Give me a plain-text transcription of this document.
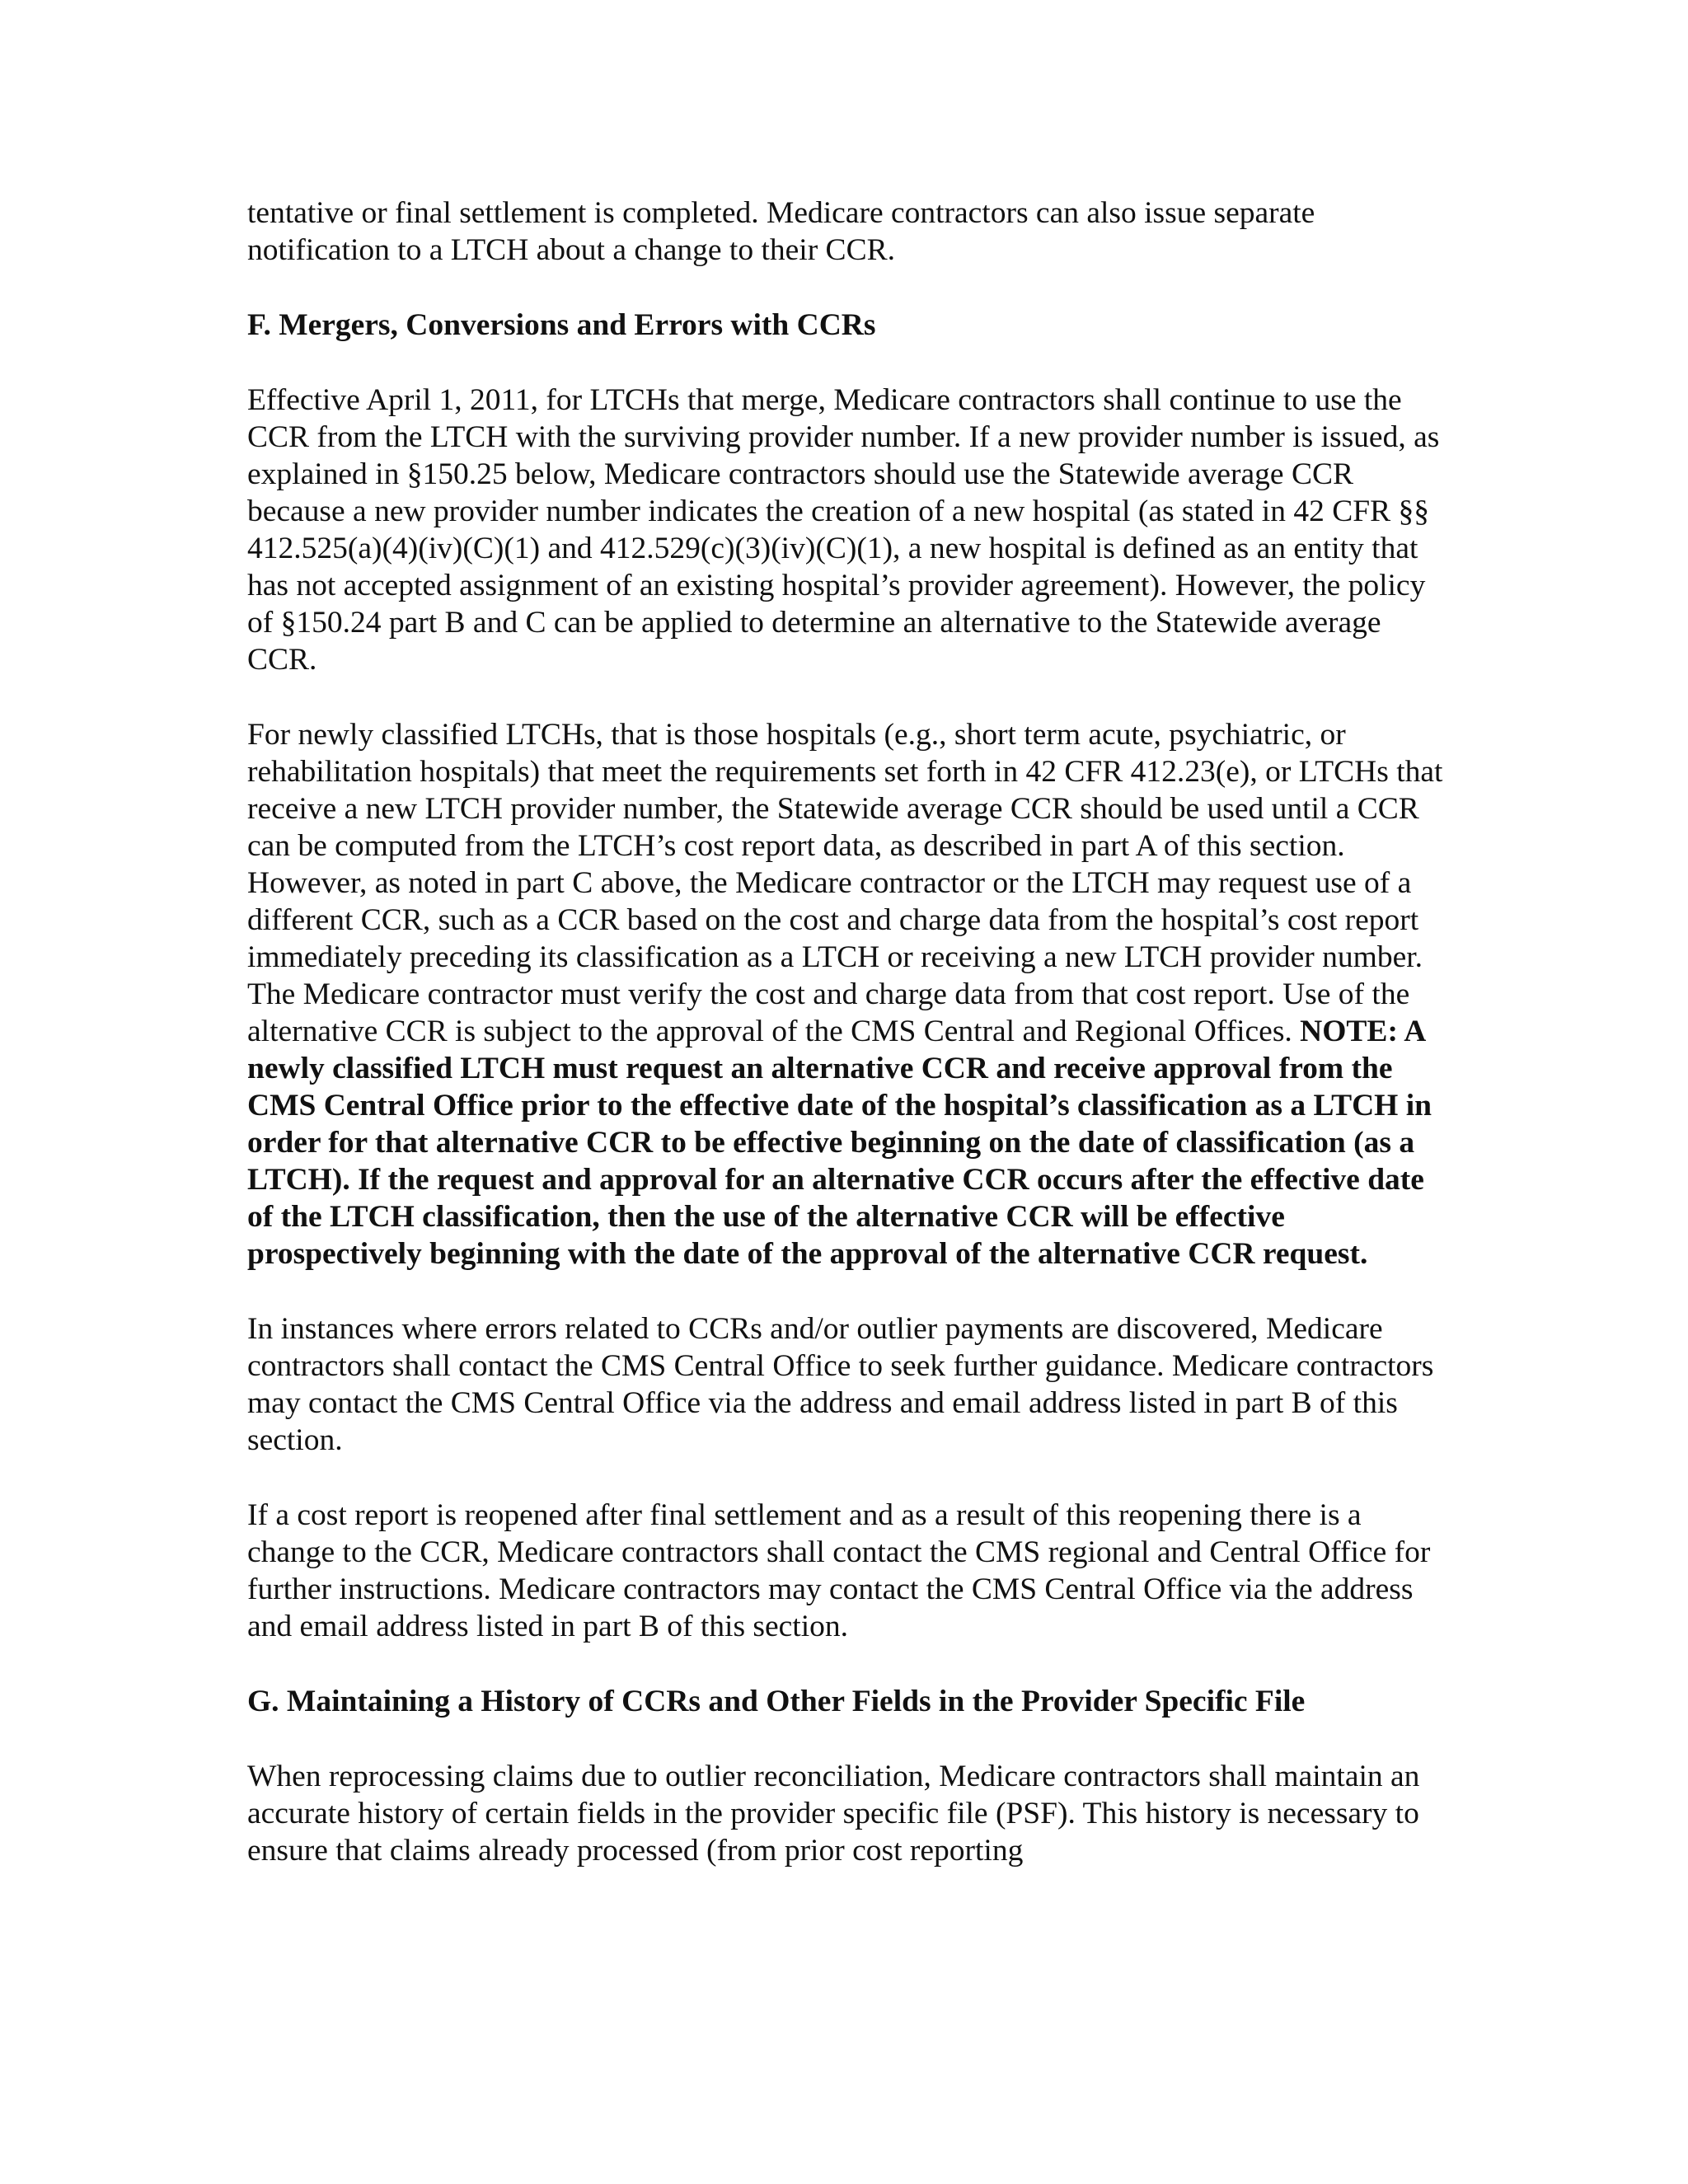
tentative or final settlement is completed. Medicare contractors can also issue separate notification to a LTCH about a change to their CCR.

F. Mergers, Conversions and Errors with CCRs

Effective April 1, 2011, for LTCHs that merge, Medicare contractors shall continue to use the CCR from the LTCH with the surviving provider number. If a new provider number is issued, as explained in §150.25 below, Medicare contractors should use the Statewide average CCR because a new provider number indicates the creation of a new hospital (as stated in 42 CFR §§ 412.525(a)(4)(iv)(C)(1) and 412.529(c)(3)(iv)(C)(1), a new hospital is defined as an entity that has not accepted assignment of an existing hospital’s provider agreement). However, the policy of §150.24 part B and C can be applied to determine an alternative to the Statewide average CCR.

For newly classified LTCHs, that is those hospitals (e.g., short term acute, psychiatric, or rehabilitation hospitals) that meet the requirements set forth in 42 CFR 412.23(e), or LTCHs that receive a new LTCH provider number, the Statewide average CCR should be used until a CCR can be computed from the LTCH’s cost report data, as described in part A of this section. However, as noted in part C above, the Medicare contractor or the LTCH may request use of a different CCR, such as a CCR based on the cost and charge data from the hospital’s cost report immediately preceding its classification as a LTCH or receiving a new LTCH provider number. The Medicare contractor must verify the cost and charge data from that cost report. Use of the alternative CCR is subject to the approval of the CMS Central and Regional Offices. NOTE: A newly classified LTCH must request an alternative CCR and receive approval from the CMS Central Office prior to the effective date of the hospital’s classification as a LTCH in order for that alternative CCR to be effective beginning on the date of classification (as a LTCH). If the request and approval for an alternative CCR occurs after the effective date of the LTCH classification, then the use of the alternative CCR will be effective prospectively beginning with the date of the approval of the alternative CCR request.

In instances where errors related to CCRs and/or outlier payments are discovered, Medicare contractors shall contact the CMS Central Office to seek further guidance. Medicare contractors may contact the CMS Central Office via the address and email address listed in part B of this section.

If a cost report is reopened after final settlement and as a result of this reopening there is a change to the CCR, Medicare contractors shall contact the CMS regional and Central Office for further instructions. Medicare contractors may contact the CMS Central Office via the address and email address listed in part B of this section.

G. Maintaining a History of CCRs and Other Fields in the Provider Specific File

When reprocessing claims due to outlier reconciliation, Medicare contractors shall maintain an accurate history of certain fields in the provider specific file (PSF). This history is necessary to ensure that claims already processed (from prior cost reporting
